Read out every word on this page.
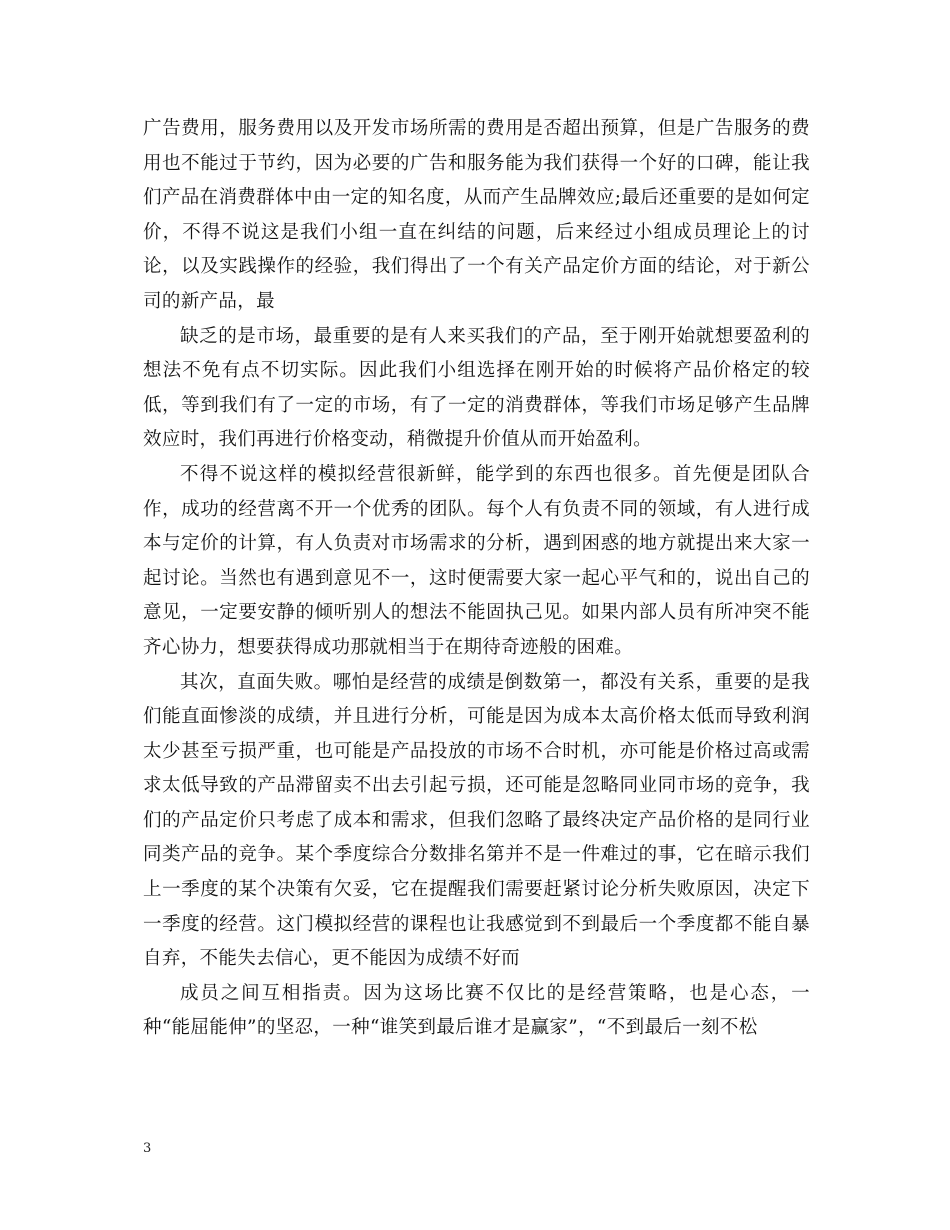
广告费用，服务费用以及开发市场所需的费用是否超出预算，但是广告服务的费用也不能过于节约，因为必要的广告和服务能为我们获得一个好的口碑，能让我们产品在消费群体中由一定的知名度，从而产生品牌效应;最后还重要的是如何定价，不得不说这是我们小组一直在纠结的问题，后来经过小组成员理论上的讨论，以及实践操作的经验，我们得出了一个有关产品定价方面的结论，对于新公司的新产品，最

缺乏的是市场，最重要的是有人来买我们的产品，至于刚开始就想要盈利的想法不免有点不切实际。因此我们小组选择在刚开始的时候将产品价格定的较低，等到我们有了一定的市场，有了一定的消费群体，等我们市场足够产生品牌效应时，我们再进行价格变动，稍微提升价值从而开始盈利。

不得不说这样的模拟经营很新鲜，能学到的东西也很多。首先便是团队合作，成功的经营离不开一个优秀的团队。每个人有负责不同的领域，有人进行成本与定价的计算，有人负责对市场需求的分析，遇到困惑的地方就提出来大家一起讨论。当然也有遇到意见不一，这时便需要大家一起心平气和的，说出自己的意见，一定要安静的倾听别人的想法不能固执己见。如果内部人员有所冲突不能齐心协力，想要获得成功那就相当于在期待奇迹般的困难。

其次，直面失败。哪怕是经营的成绩是倒数第一，都没有关系，重要的是我们能直面惨淡的成绩，并且进行分析，可能是因为成本太高价格太低而导致利润太少甚至亏损严重，也可能是产品投放的市场不合时机，亦可能是价格过高或需求太低导致的产品滞留卖不出去引起亏损，还可能是忽略同业同市场的竞争，我们的产品定价只考虑了成本和需求，但我们忽略了最终决定产品价格的是同行业同类产品的竞争。某个季度综合分数排名第并不是一件难过的事，它在暗示我们上一季度的某个决策有欠妥，它在提醒我们需要赶紧讨论分析失败原因，决定下一季度的经营。这门模拟经营的课程也让我感觉到不到最后一个季度都不能自暴自弃，不能失去信心，更不能因为成绩不好而

成员之间互相指责。因为这场比赛不仅比的是经营策略，也是心态，一种“能屈能伸”的坚忍，一种“谁笑到最后谁才是赢家”，“不到最后一刻不松

3
